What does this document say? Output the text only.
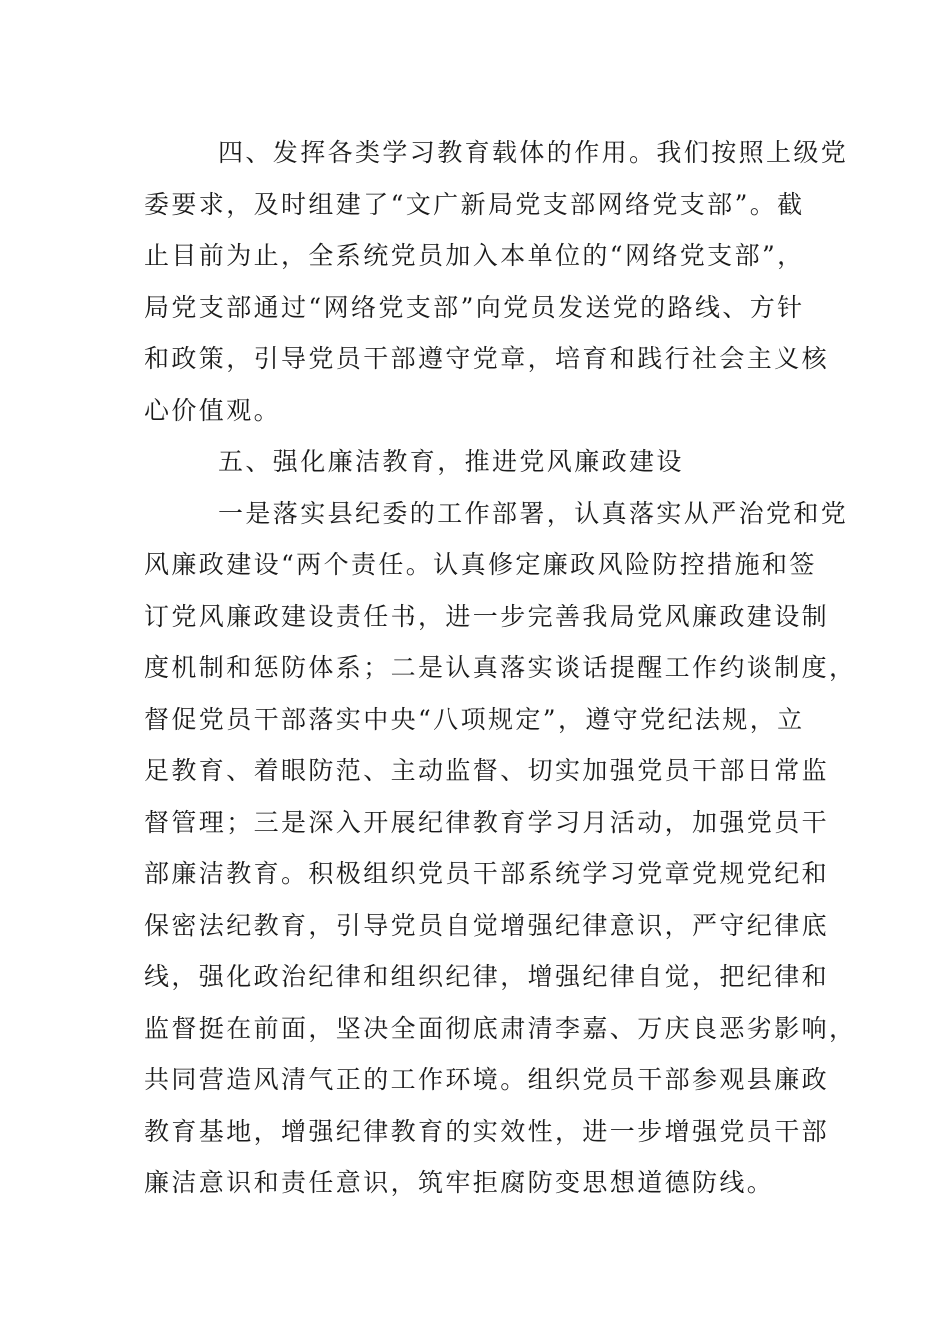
四、发挥各类学习教育载体的作用。我们按照上级党
委要求，及时组建了“文广新局党支部网络党支部”。截
止目前为止，全系统党员加入本单位的“网络党支部”，
局党支部通过“网络党支部”向党员发送党的路线、方针
和政策，引导党员干部遵守党章，培育和践行社会主义核
心价值观。
五、强化廉洁教育，推进党风廉政建设
一是落实县纪委的工作部署，认真落实从严治党和党
风廉政建设“两个责任。认真修定廉政风险防控措施和签
订党风廉政建设责任书，进一步完善我局党风廉政建设制
度机制和惩防体系；二是认真落实谈话提醒工作约谈制度，
督促党员干部落实中央“八项规定”，遵守党纪法规，立
足教育、着眼防范、主动监督、切实加强党员干部日常监
督管理；三是深入开展纪律教育学习月活动，加强党员干
部廉洁教育。积极组织党员干部系统学习党章党规党纪和
保密法纪教育，引导党员自觉增强纪律意识，严守纪律底
线，强化政治纪律和组织纪律，增强纪律自觉，把纪律和
监督挺在前面，坚决全面彻底肃清李嘉、万庆良恶劣影响，
共同营造风清气正的工作环境。组织党员干部参观县廉政
教育基地，增强纪律教育的实效性，进一步增强党员干部
廉洁意识和责任意识，筑牢拒腐防变思想道德防线。
